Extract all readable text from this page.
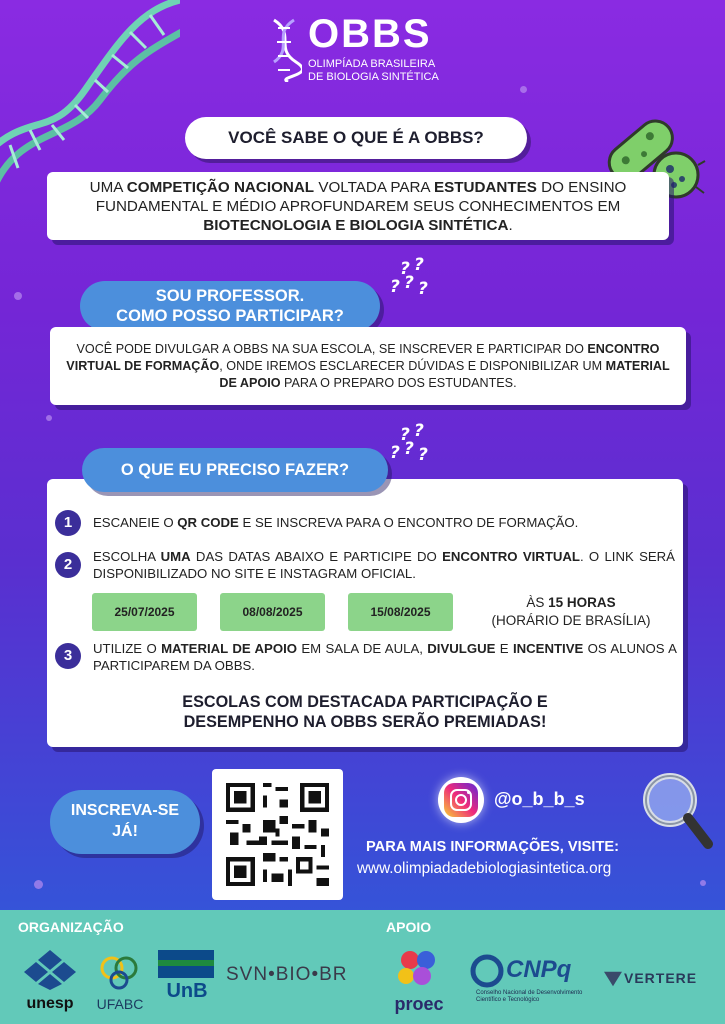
OBBS
OLIMPÍADA BRASILEIRA
DE BIOLOGIA SINTÉTICA
VOCÊ SABE O QUE É A OBBS?

UMA COMPETIÇÃO NACIONAL VOLTADA PARA ESTUDANTES DO ENSINO FUNDAMENTAL E MÉDIO APROFUNDAREM SEUS CONHECIMENTOS EM BIOTECNOLOGIA E BIOLOGIA SINTÉTICA.

? ?
? ? ?
? ?
? ? ?
SOU PROFESSOR.
COMO POSSO PARTICIPAR?

VOCÊ PODE DIVULGAR A OBBS NA SUA ESCOLA, SE INSCREVER E PARTICIPAR DO ENCONTRO VIRTUAL DE FORMAÇÃO, ONDE IREMOS ESCLARECER DÚVIDAS E DISPONIBILIZAR UM MATERIAL DE APOIO PARA O PREPARO DOS ESTUDANTES.

O QUE EU PRECISO FAZER?
1	ESCANEIE O QR CODE E SE INSCREVA PARA O ENCONTRO DE FORMAÇÃO.
2	ESCOLHA UMA DAS DATAS ABAIXO E PARTICIPE DO ENCONTRO VIRTUAL. O LINK SERÁ DISPONIBILIZADO NO SITE E INSTAGRAM OFICIAL.
25/07/2025	08/08/2025	15/08/2025
ÀS 15 HORAS
(HORÁRIO DE BRASÍLIA)
3	UTILIZE O MATERIAL DE APOIO EM SALA DE AULA, DIVULGUE E INCENTIVE OS ALUNOS A PARTICIPAREM DA OBBS.
ESCOLAS COM DESTACADA PARTICIPAÇÃO E
DESEMPENHO NA OBBS SERÃO PREMIADAS!
INSCREVA-SE
JÁ!
@o_b_b_s
PARA MAIS INFORMAÇÕES, VISITE:
www.olimpiadadebiologiasintetica.org
ORGANIZAÇÃO	APOIO
unesp	UFABC
UnB
SVN•BIO•BR
proec
CNPq
Conselho Nacional de Desenvolvimento
Científico e Tecnológico
VERTERE
